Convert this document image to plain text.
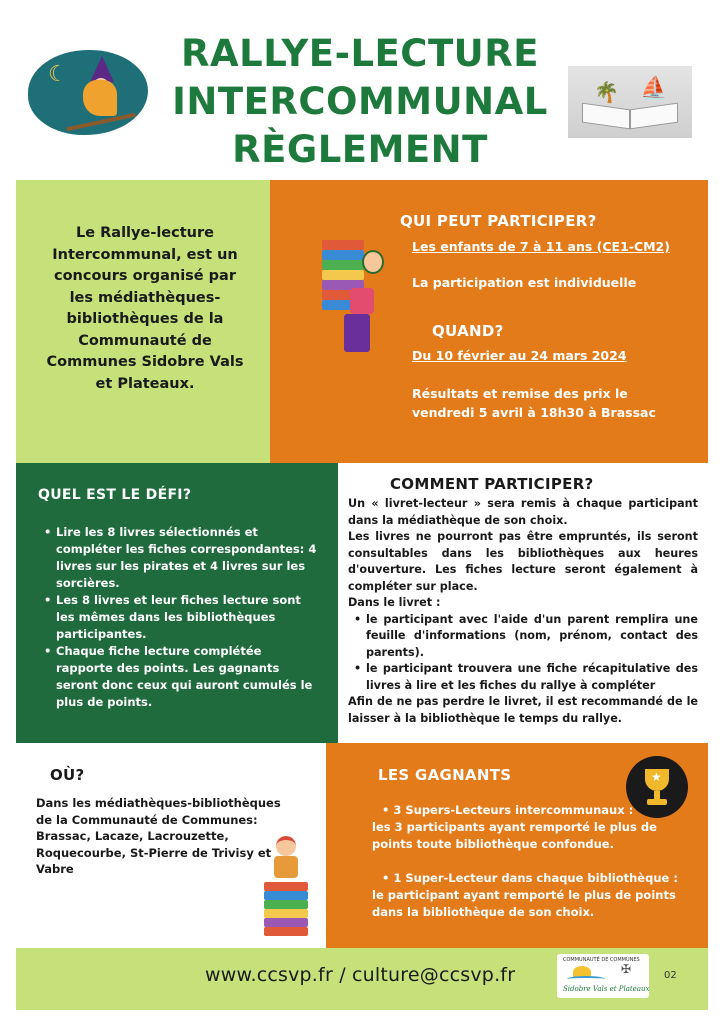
RALLYE-LECTURE
INTERCOMMUNAL
RÈGLEMENT
☾
🌴 ⛵
Le Rallye-lecture Intercommunal, est un concours organisé par les médiathèques-bibliothèques de la Communauté de Communes Sidobre Vals et Plateaux.
QUI PEUT PARTICIPER?
Les enfants de 7 à 11 ans (CE1-CM2)
La participation est individuelle
QUAND?
Du 10 février au 24 mars 2024
Résultats et remise des prix le vendredi 5 avril à 18h30 à Brassac
QUEL EST LE DÉFI?
• Lire les 8 livres sélectionnés et compléter les fiches correspondantes: 4 livres sur les pirates et 4 livres sur les sorcières.
• Les 8 livres et leur fiches lecture sont les mêmes dans les bibliothèques participantes.
• Chaque fiche lecture complétée rapporte des points. Les gagnants seront donc ceux qui auront cumulés le plus de points.
COMMENT PARTICIPER?
Un « livret-lecteur » sera remis à chaque participant dans la médiathèque de son choix.
Les livres ne pourront pas être empruntés, ils seront consultables dans les bibliothèques aux heures d'ouverture. Les fiches lecture seront également à compléter sur place.
Dans le livret :
• le participant avec l'aide d'un parent remplira une feuille d'informations (nom, prénom, contact des parents).
• le participant trouvera une fiche récapitulative des livres à lire et les fiches du rallye à compléter
Afin de ne pas perdre le livret, il est recommandé de le laisser à la bibliothèque le temps du rallye.
OÙ?
Dans les médiathèques-bibliothèques de la Communauté de Communes: Brassac, Lacaze, Lacrouzette, Roquecourbe, St-Pierre de Trivisy et Vabre
LES GAGNANTS	★
• 3 Supers-Lecteurs intercommunaux :
les 3 participants ayant remporté le plus de points toute bibliothèque confondue.
• 1 Super-Lecteur dans chaque bibliothèque :
le participant ayant remporté le plus de points dans la bibliothèque de son choix.
www.ccsvp.fr / culture@ccsvp.fr
COMMUNAUTÉ DE COMMUNES
✠
Sidobre Vals et Plateaux
02
